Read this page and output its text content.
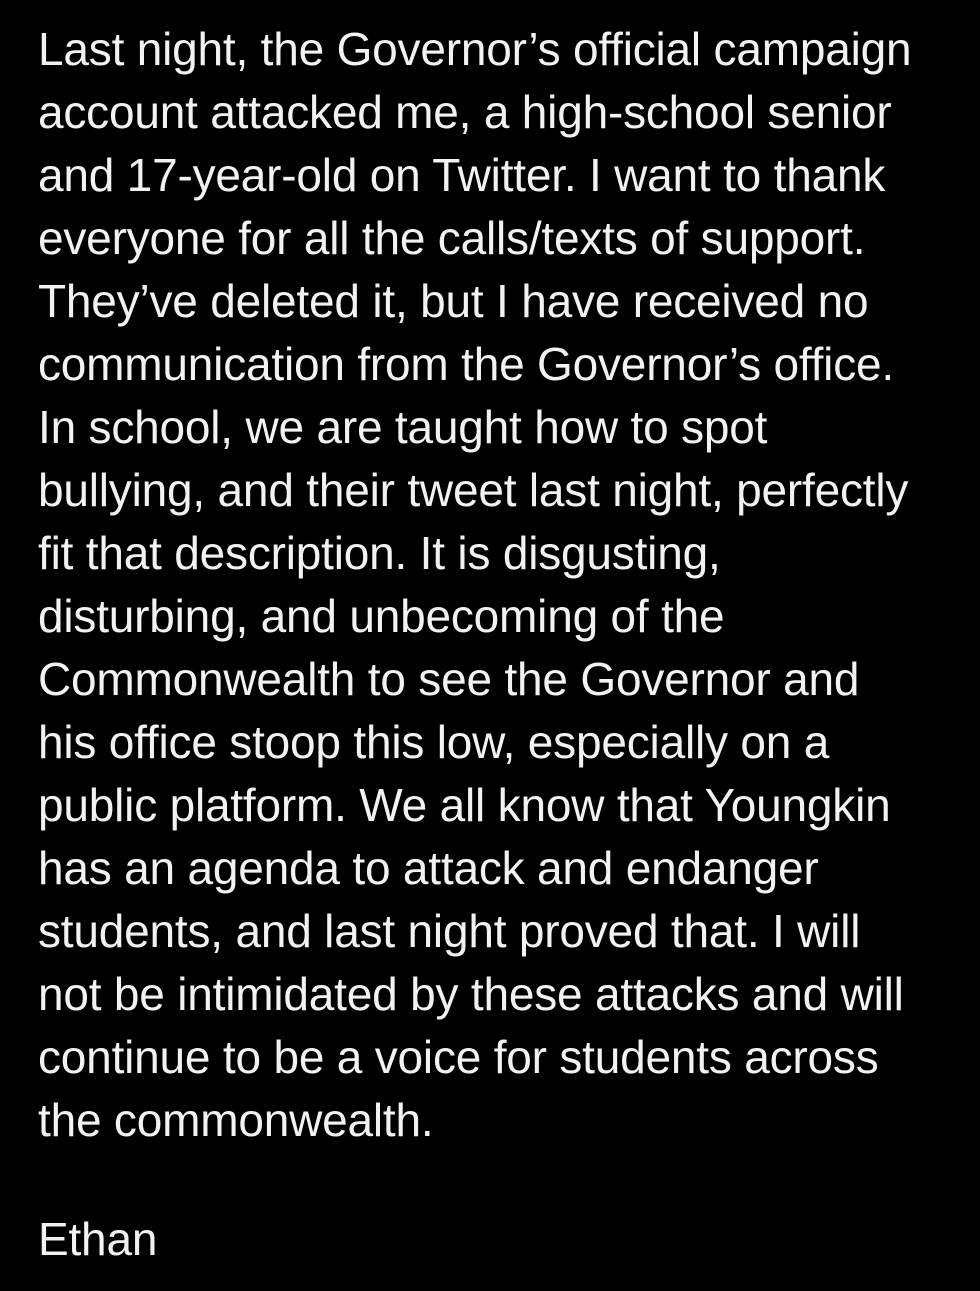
Last night, the Governor’s official campaign account attacked me, a high-school senior and 17-year-old on Twitter. I want to thank everyone for all the calls/texts of support. They’ve deleted it, but I have received no communication from the Governor’s office. In school, we are taught how to spot bullying, and their tweet last night, perfectly fit that description. It is disgusting, disturbing, and unbecoming of the Commonwealth to see the Governor and his office stoop this low, especially on a public platform. We all know that Youngkin has an agenda to attack and endanger students, and last night proved that. I will not be intimidated by these attacks and will continue to be a voice for students across the commonwealth.
Ethan
